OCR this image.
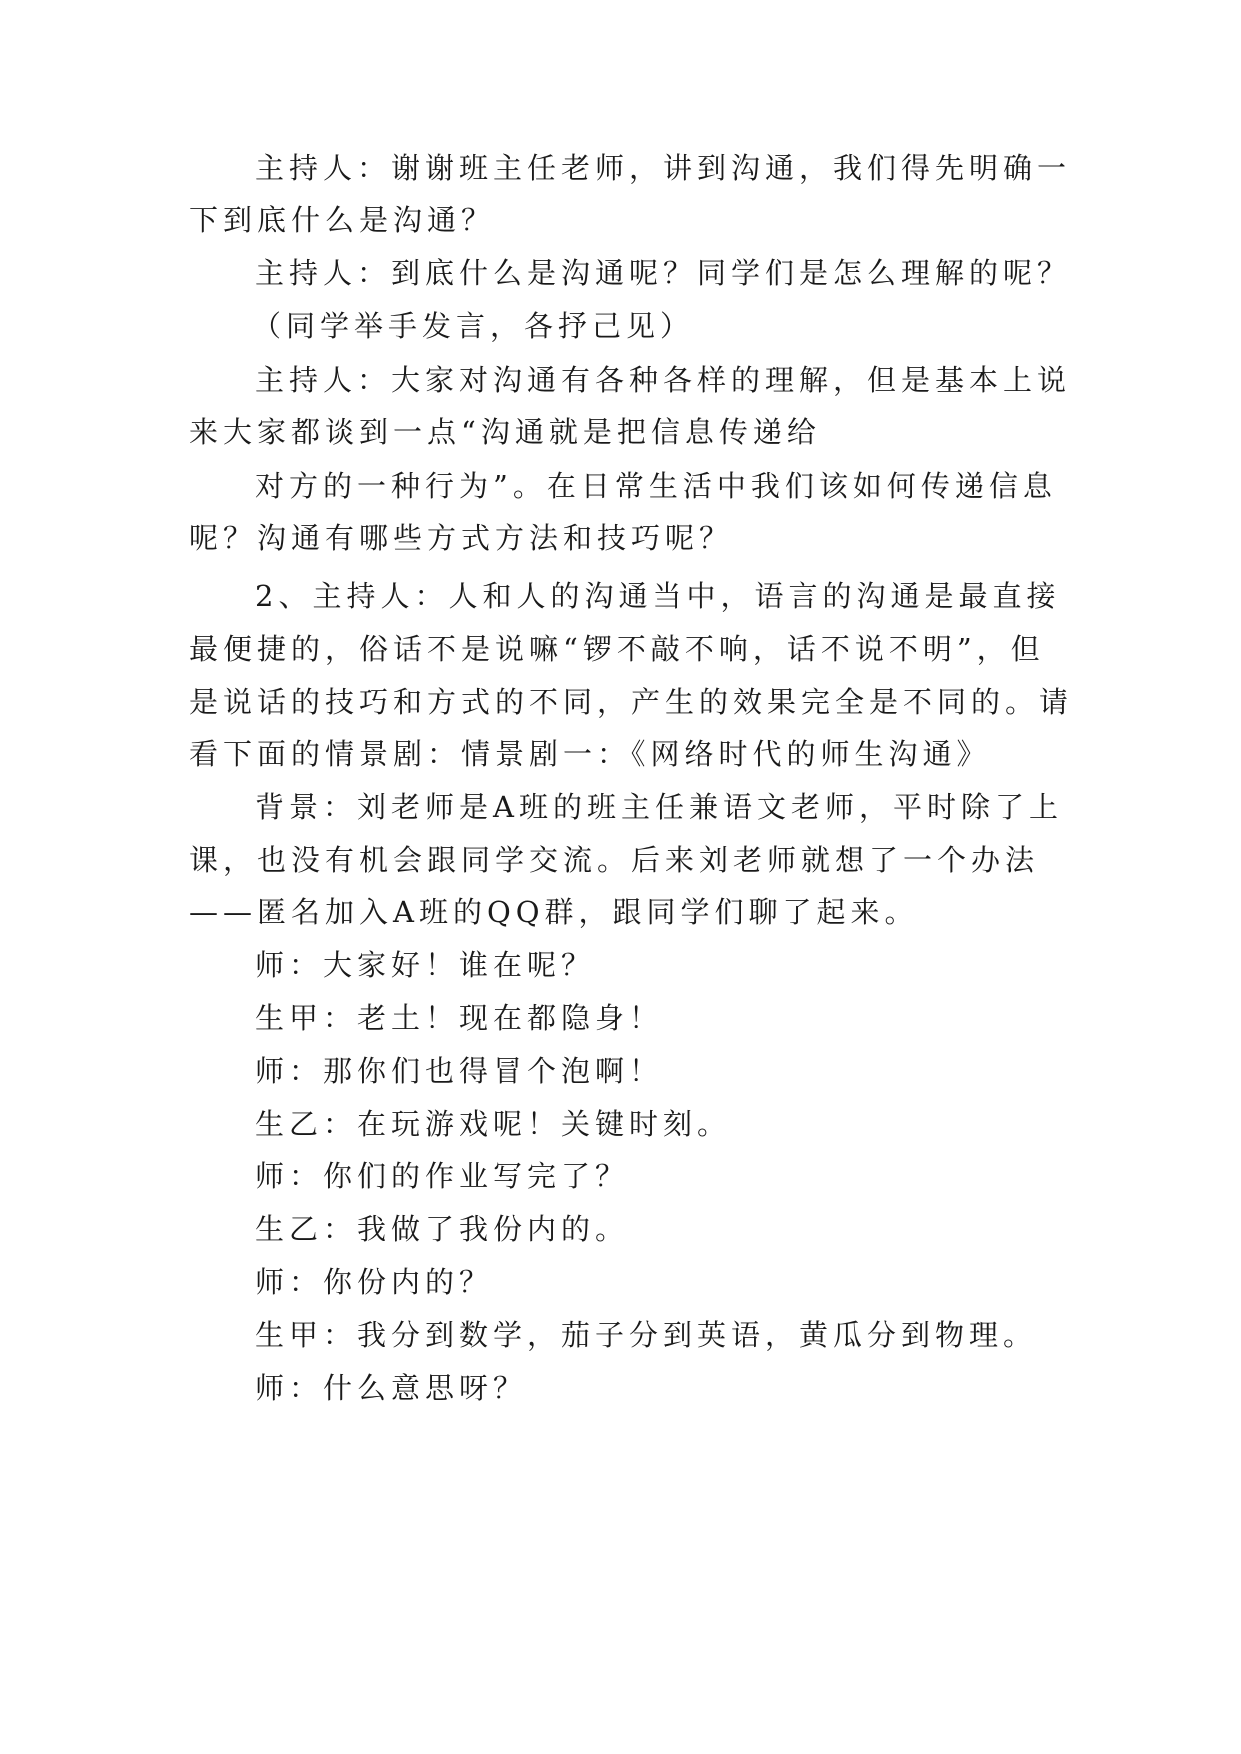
主持人：谢谢班主任老师，讲到沟通，我们得先明确一
下到底什么是沟通？
主持人：到底什么是沟通呢？同学们是怎么理解的呢？
（同学举手发言，各抒己见）
主持人：大家对沟通有各种各样的理解，但是基本上说
来大家都谈到一点“沟通就是把信息传递给
对方的一种行为”。在日常生活中我们该如何传递信息
呢？沟通有哪些方式方法和技巧呢？
2、主持人：人和人的沟通当中，语言的沟通是最直接
最便捷的，俗话不是说嘛“锣不敲不响，话不说不明”，但
是说话的技巧和方式的不同，产生的效果完全是不同的。请
看下面的情景剧：情景剧一：《网络时代的师生沟通》
背景：刘老师是A班的班主任兼语文老师，平时除了上
课，也没有机会跟同学交流。后来刘老师就想了一个办法
——匿名加入A班的QQ群，跟同学们聊了起来。
师：大家好！谁在呢？
生甲：老土！现在都隐身！
师：那你们也得冒个泡啊！
生乙：在玩游戏呢！关键时刻。
师：你们的作业写完了？
生乙：我做了我份内的。
师：你份内的？
生甲：我分到数学，茄子分到英语，黄瓜分到物理。
师：什么意思呀？
